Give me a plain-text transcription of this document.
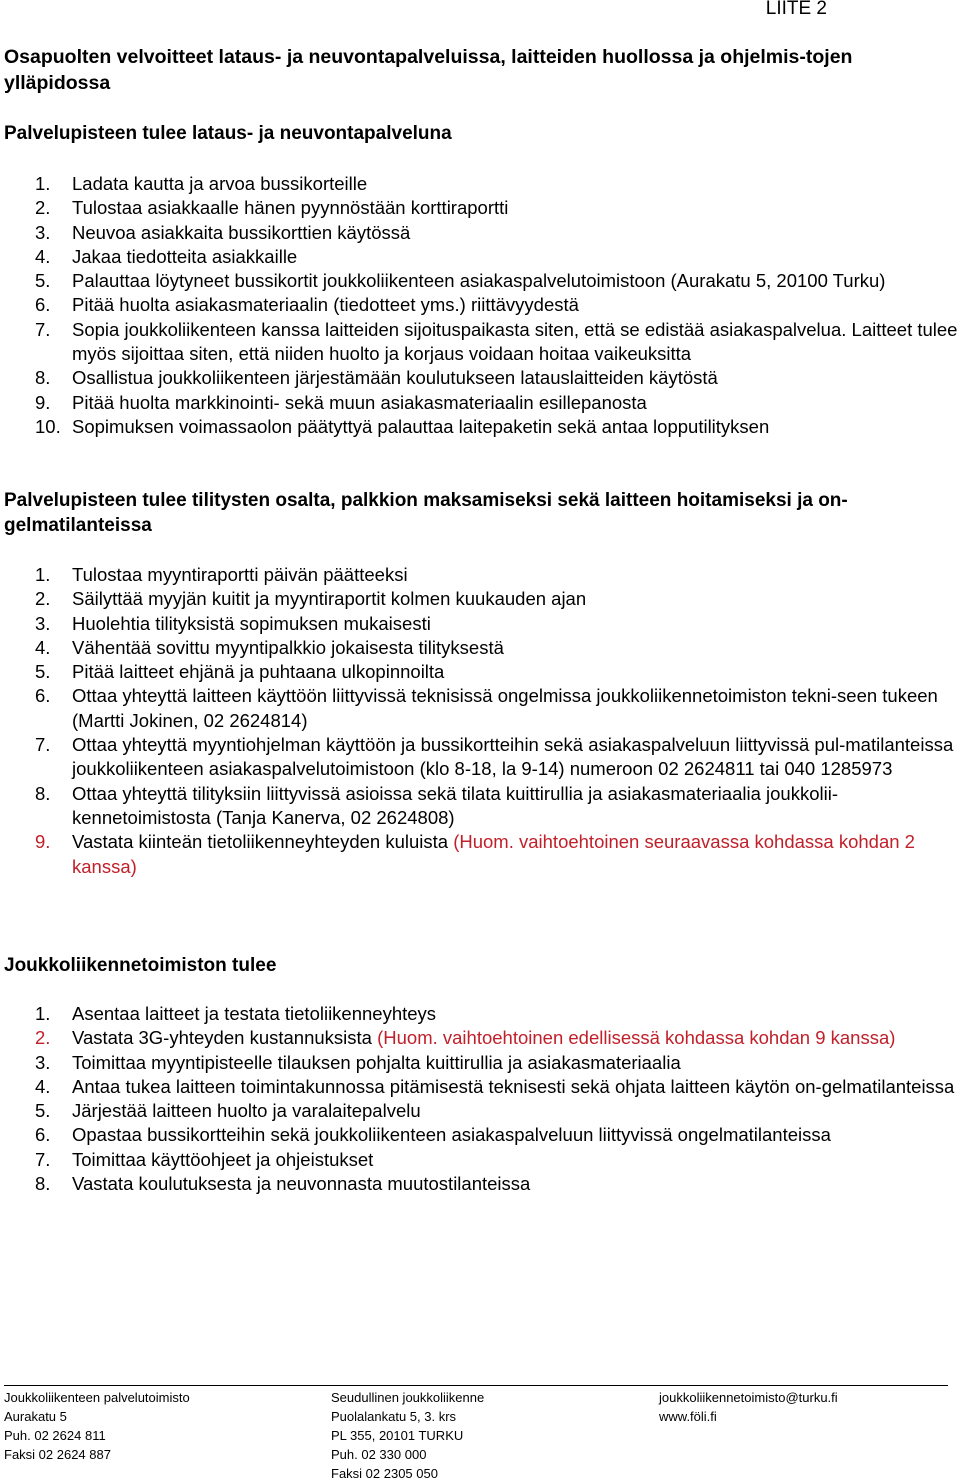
LIITE 2
Osapuolten velvoitteet lataus- ja neuvontapalveluissa, laitteiden huollossa ja ohjelmis-tojen ylläpidossa
Palvelupisteen tulee lataus- ja neuvontapalveluna
1. Ladata kautta ja arvoa bussikorteille
2. Tulostaa asiakkaalle hänen pyynnöstään korttiraportti
3. Neuvoa asiakkaita bussikorttien käytössä
4. Jakaa tiedotteita asiakkaille
5. Palauttaa löytyneet bussikortit joukkoliikenteen asiakaspalvelutoimistoon (Aurakatu 5, 20100 Turku)
6. Pitää huolta asiakasmateriaalin (tiedotteet yms.) riittävyydestä
7. Sopia joukkoliikenteen kanssa laitteiden sijoituspaikasta siten, että se edistää asiakaspalvelua. Laitteet tulee myös sijoittaa siten, että niiden huolto ja korjaus voidaan hoitaa vaikeuksitta
8. Osallistua joukkoliikenteen järjestämään koulutukseen latauslaitteiden käytöstä
9. Pitää huolta markkinointi- sekä muun asiakasmateriaalin esillepanosta
10. Sopimuksen voimassaolon päätyttyä palauttaa laitepaketin sekä antaa lopputilityksen
Palvelupisteen tulee tilitysten osalta, palkkion maksamiseksi sekä laitteen hoitamiseksi ja on-gelmatilanteissa
1. Tulostaa myyntiraportti päivän päätteeksi
2. Säilyttää myyjän kuitit ja myyntiraportit kolmen kuukauden ajan
3. Huolehtia tilityksistä sopimuksen mukaisesti
4. Vähentää sovittu myyntipalkkio jokaisesta tilityksestä
5. Pitää laitteet ehjänä ja puhtaana ulkopinnoilta
6. Ottaa yhteyttä laitteen käyttöön liittyvissä teknisissä ongelmissa joukkoliikennetoimiston tekni-seen tukeen (Martti Jokinen, 02 2624814)
7. Ottaa yhteyttä myyntiohjelman käyttöön ja bussikortteihin sekä asiakaspalveluun liittyvissä pul-matilanteissa joukkoliikenteen asiakaspalvelutoimistoon (klo 8-18, la 9-14) numeroon 02 2624811 tai 040 1285973
8. Ottaa yhteyttä tilityksiin liittyvissä asioissa sekä tilata kuittirullia ja asiakasmateriaalia joukkolii-kennetoimistosta (Tanja Kanerva, 02 2624808)
9. Vastata kiinteän tietoliikenneyhteyden kuluista (Huom. vaihtoehtoinen seuraavassa kohdassa kohdan 2 kanssa)
Joukkoliikennetoimiston tulee
1. Asentaa laitteet ja testata tietoliikenneyhteys
2. Vastata 3G-yhteyden kustannuksista (Huom. vaihtoehtoinen edellisessä kohdassa kohdan 9 kanssa)
3. Toimittaa myyntipisteelle tilauksen pohjalta kuittirullia ja asiakasmateriaalia
4. Antaa tukea laitteen toimintakunnossa pitämisestä teknisesti sekä ohjata laitteen käytön on-gelmatilanteissa
5. Järjestää laitteen huolto ja varalaitepalvelu
6. Opastaa bussikortteihin sekä joukkoliikenteen asiakaspalveluun liittyvissä ongelmatilanteissa
7. Toimittaa käyttöohjeet ja ohjeistukset
8. Vastata koulutuksesta ja neuvonnasta muutostilanteissa
Joukkoliikenteen palvelutoimisto
Aurakatu 5
Puh. 02 2624 811
Faksi 02 2624 887
Seudullinen joukkoliikenne
Puolalankatu 5, 3. krs
PL 355, 20101 TURKU
Puh. 02 330 000
Faksi 02 2305 050
joukkoliikennetoimisto@turku.fi
www.föli.fi
